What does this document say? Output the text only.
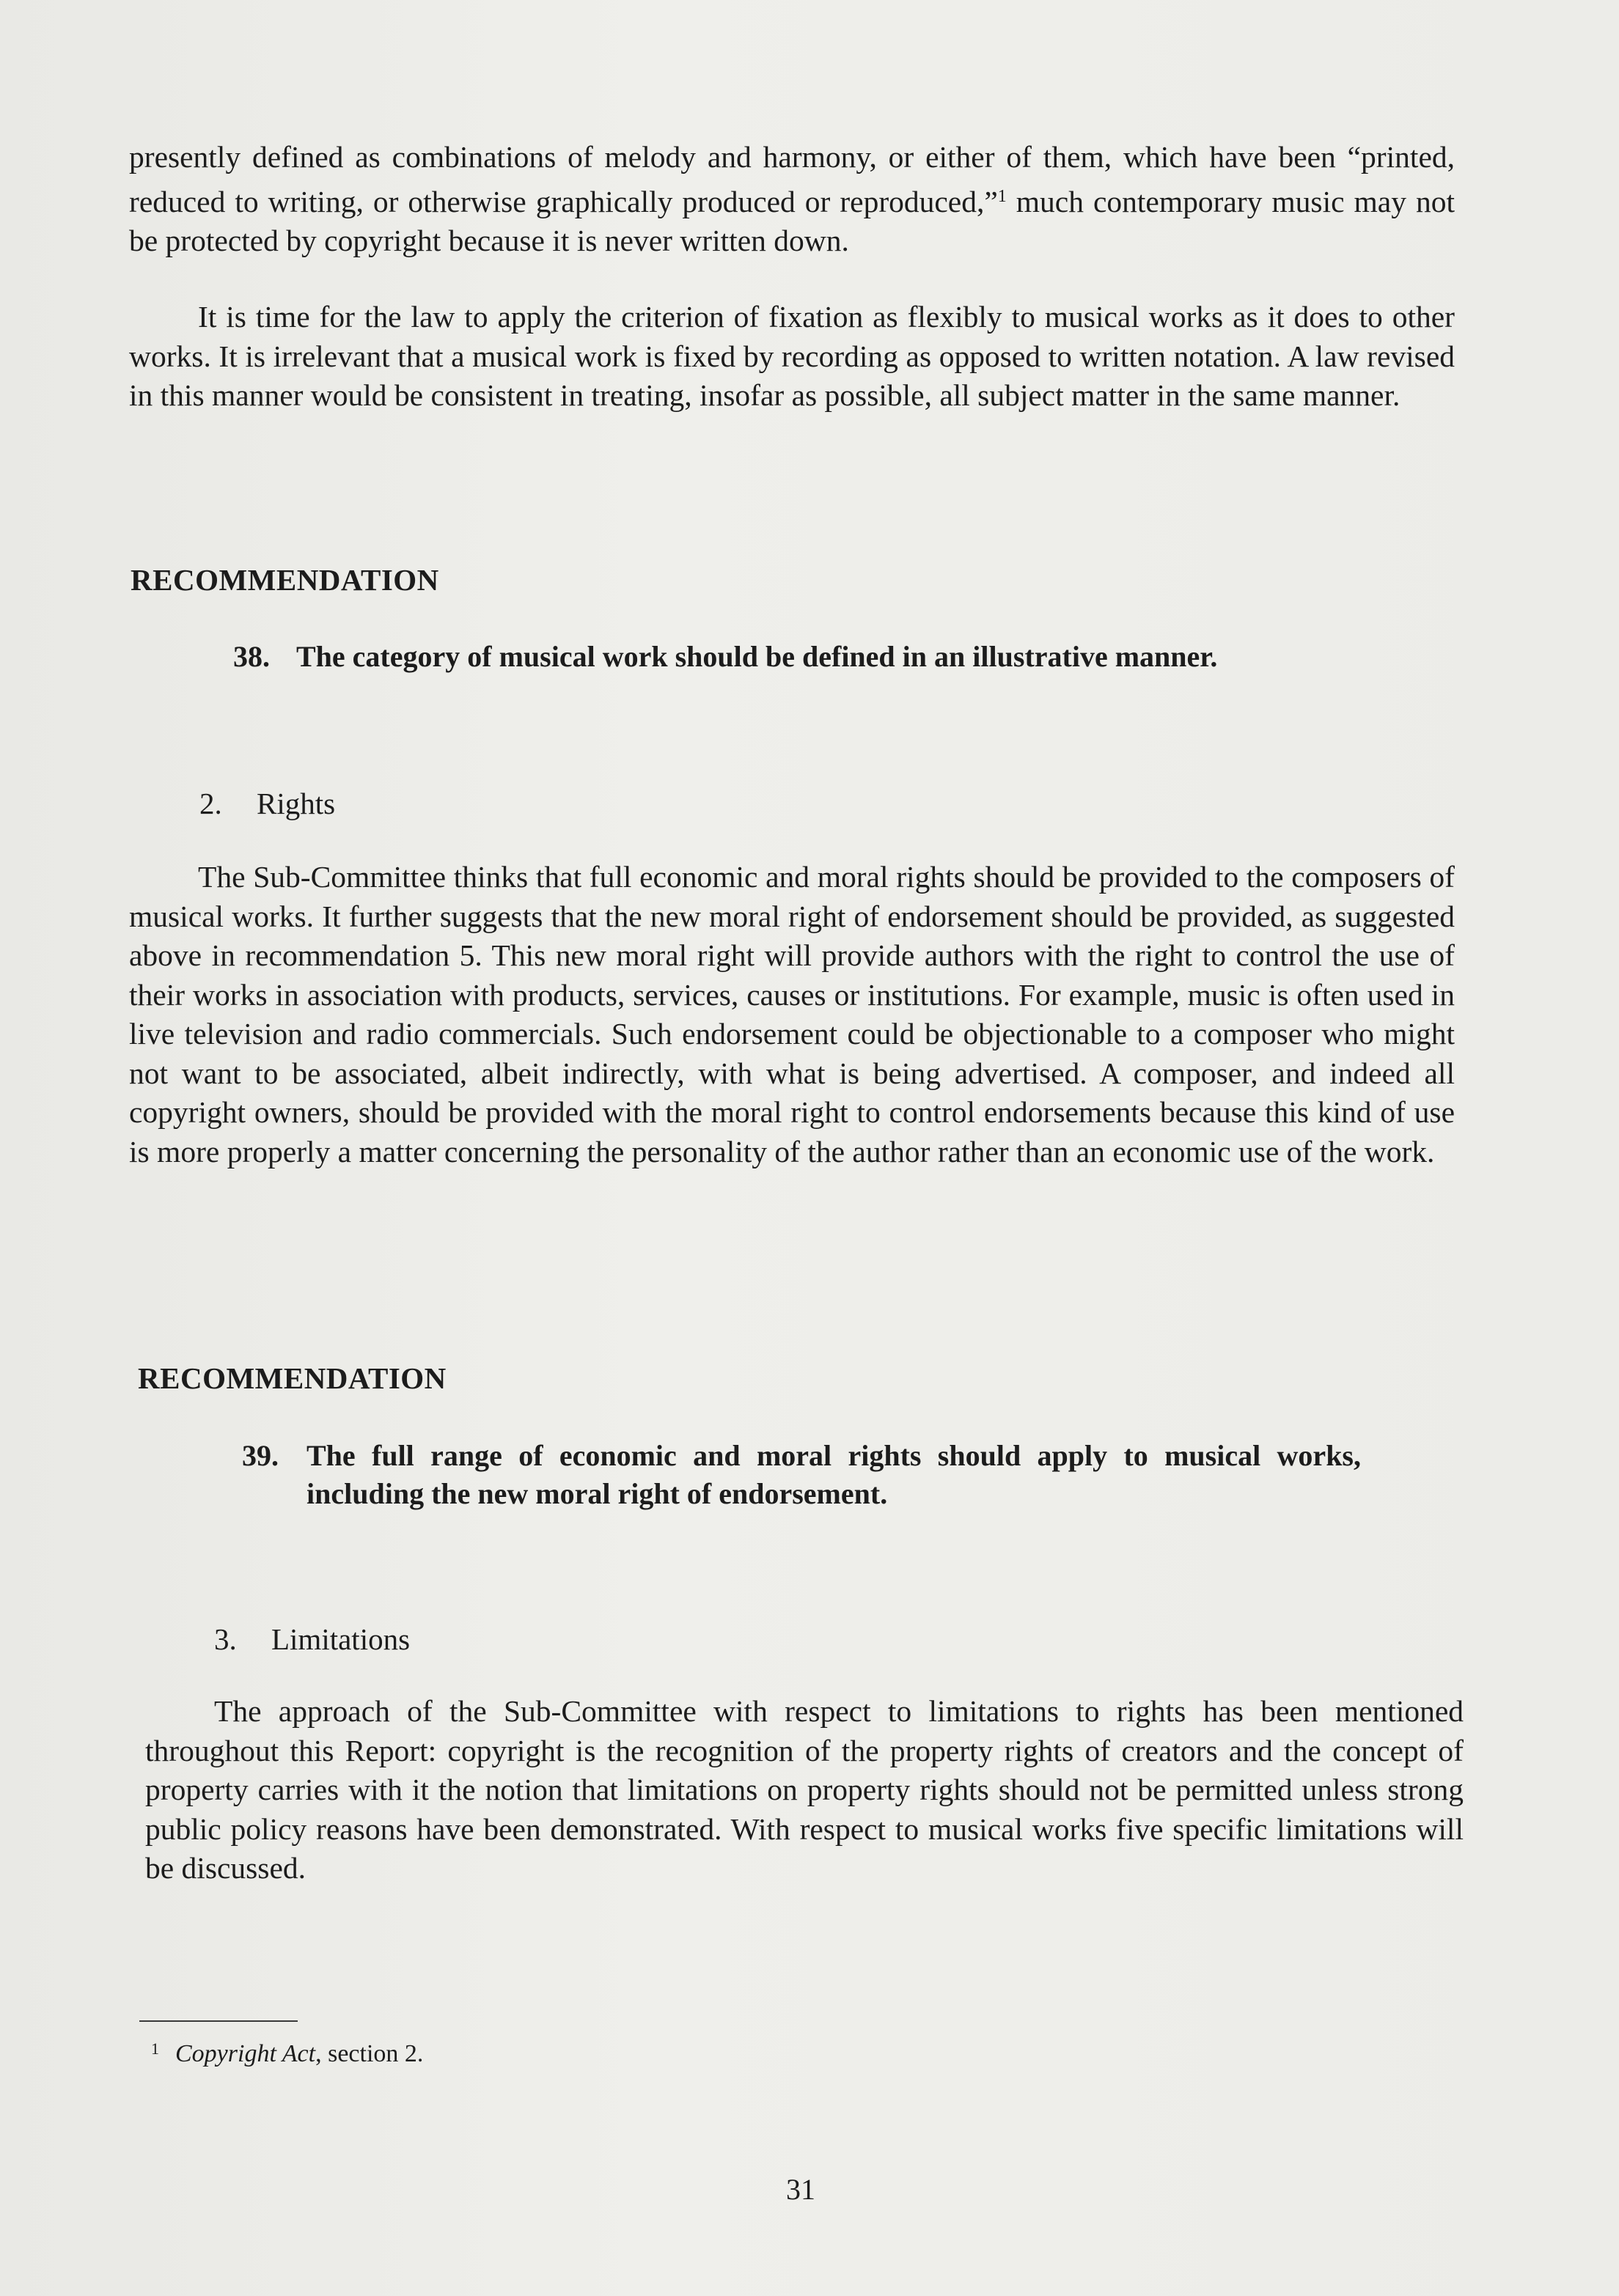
presently defined as combinations of melody and harmony, or either of them, which have been “printed, reduced to writing, or otherwise graphically produced or reproduced,”$^1$ much contemporary music may not be protected by copyright because it is never written down.

It is time for the law to apply the criterion of fixation as flexibly to musical works as it does to other works. It is irrelevant that a musical work is fixed by recording as opposed to written notation. A law revised in this manner would be consistent in treating, insofar as possible, all subject matter in the same manner.

RECOMMENDATION
38. The category of musical work should be defined in an illustrative manner.
2. Rights

The Sub-Committee thinks that full economic and moral rights should be provided to the composers of musical works. It further suggests that the new moral right of endorsement should be provided, as suggested above in recommendation 5. This new moral right will provide authors with the right to control the use of their works in association with products, services, causes or institutions. For example, music is often used in live television and radio commercials. Such endorsement could be objectionable to a composer who might not want to be associated, albeit indirectly, with what is being advertised. A composer, and indeed all copyright owners, should be provided with the moral right to control endorsements because this kind of use is more properly a matter concerning the personality of the author rather than an economic use of the work.

RECOMMENDATION
39. The full range of economic and moral rights should apply to musical works, including the new moral right of endorsement.
3. Limitations

The approach of the Sub-Committee with respect to limitations to rights has been mentioned throughout this Report: copyright is the recognition of the property rights of creators and the concept of property carries with it the notion that limitations on property rights should not be permitted unless strong public policy reasons have been demonstrated. With respect to musical works five specific limitations will be discussed.

$^1$ Copyright Act, section 2.

31
